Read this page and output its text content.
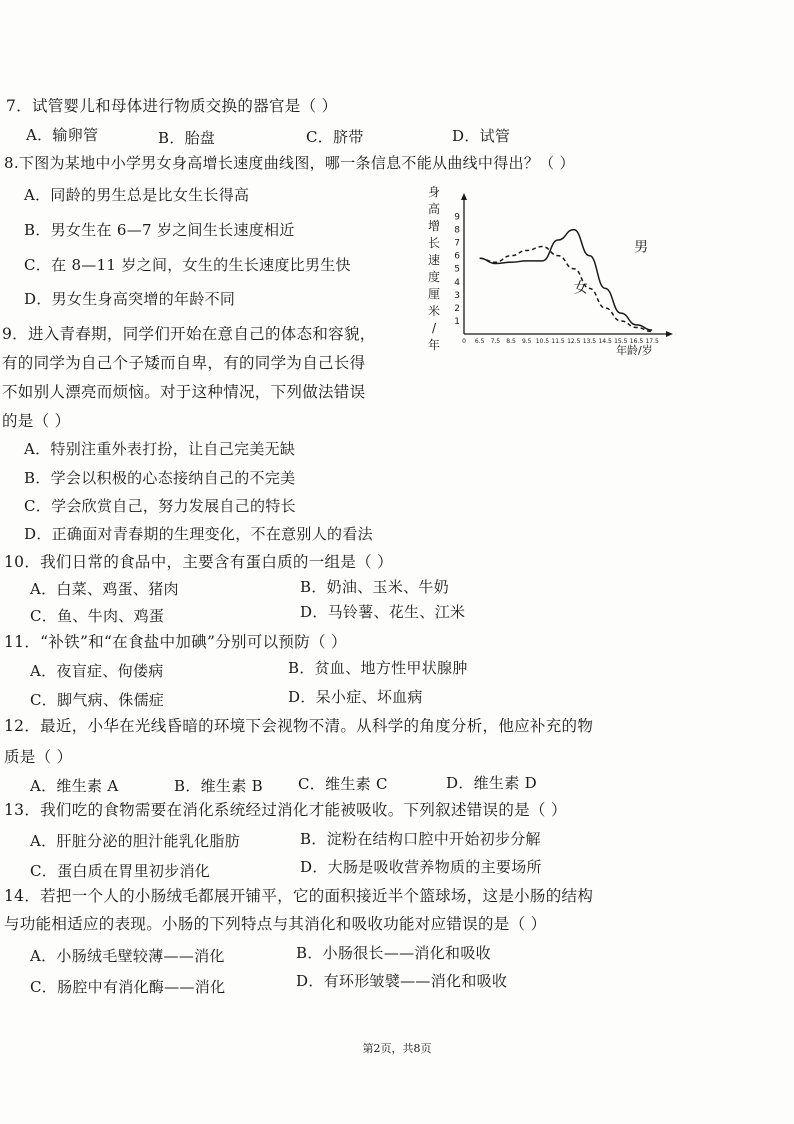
7．试管婴儿和母体进行物质交换的器官是（ ）
A．输卵管	B．胎盘	C．脐带	D．试管
8.下图为某地中小学男女身高增长速度曲线图，哪一条信息不能从曲线中得出？（ ）
A．同龄的男生总是比女生长得高
B．男女生在 6—7 岁之间生长速度相近
C．在 8—11 岁之间，女生的生长速度比男生快
D．男女生身高突增的年龄不同
身
高
增
长
速
度
厘
米
/
年
1
2
3
4
5
6
7
8
9
0 6.5 7.5 8.5 9.5 10.5 11.5 12.5 13.5 14.5 15.5 16.5 17.5
男
女
年龄/岁
9．进入青春期，同学们开始在意自己的体态和容貌，
有的同学为自己个子矮而自卑，有的同学为自己长得
不如别人漂亮而烦恼。对于这种情况，下列做法错误
的是（ ）
A．特别注重外表打扮，让自己完美无缺
B．学会以积极的心态接纳自己的不完美
C．学会欣赏自己，努力发展自己的特长
D．正确面对青春期的生理变化，不在意别人的看法
10．我们日常的食品中，主要含有蛋白质的一组是（ ）
A．白菜、鸡蛋、猪肉	B．奶油、玉米、牛奶
C．鱼、牛肉、鸡蛋	D．马铃薯、花生、江米
11．“补铁”和“在食盐中加碘”分别可以预防（ ）
A．夜盲症、佝偻病	B．贫血、地方性甲状腺肿
C．脚气病、侏儒症	D．呆小症、坏血病
12．最近，小华在光线昏暗的环境下会视物不清。从科学的角度分析，他应补充的物
质是（ ）
A．维生素 A	B．维生素 B C．维生素 C	D．维生素 D
13．我们吃的食物需要在消化系统经过消化才能被吸收。下列叙述错误的是（ ）
A．肝脏分泌的胆汁能乳化脂肪	B．淀粉在结构口腔中开始初步分解
C．蛋白质在胃里初步消化	D．大肠是吸收营养物质的主要场所
14．若把一个人的小肠绒毛都展开铺平，它的面积接近半个篮球场，这是小肠的结构
与功能相适应的表现。小肠的下列特点与其消化和吸收功能对应错误的是（ ）
A．小肠绒毛壁较薄——消化	B．小肠很长——消化和吸收
C．肠腔中有消化酶——消化	D．有环形皱襞——消化和吸收
第2页，共8页
